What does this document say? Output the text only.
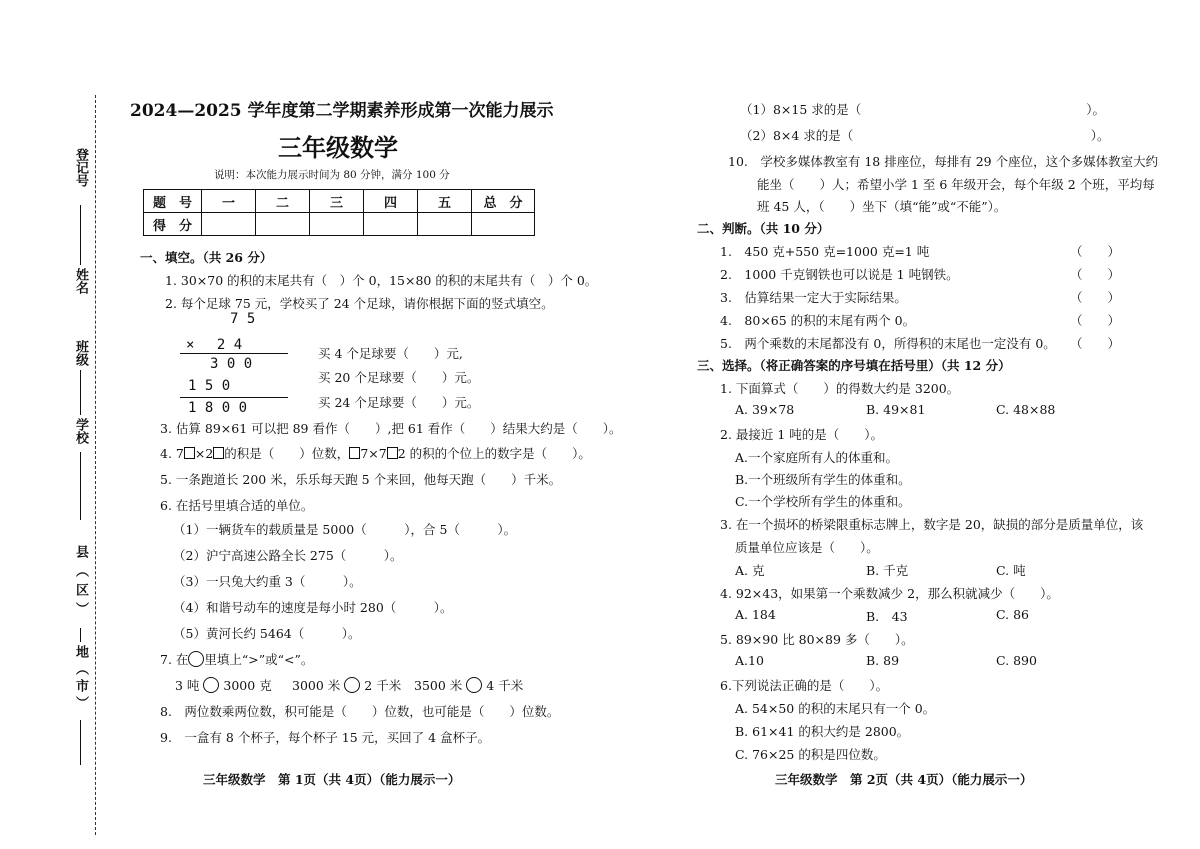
登记号
姓名
班级
学校
县（区）
地（市）
2024—2025 学年度第二学期素养形成第一次能力展示
三年级数学
说明：本次能力展示时间为 80 分钟，满分 100 分
题　号	一	二	三	四	五	总　分
得　分						
一、填空。（共 26 分）
1. 30×70 的积的末尾共有（　）个 0，15×80 的积的末尾共有（　）个 0。
2. 每个足球 75 元，学校买了 24 个足球，请你根据下面的竖式填空。
7 5
× 　2 4
3 0 0
1 5 0
1 8 0 0
买 4 个足球要（　　）元,
买 20 个足球要（　　）元。
买 24 个足球要（　　）元。
3. 估算 89×61 可以把 89 看作（　　）,把 61 看作（　　）结果大约是（　　）。
4. 7 ×2 的积是（　　）位数， 7×7 2 的积的个位上的数字是（　　）。
5. 一条跑道长 200 米，乐乐每天跑 5 个来回，他每天跑（　　）千米。
6. 在括号里填合适的单位。
（1）一辆货车的载质量是 5000（　　　），合 5（　　　）。
（2）沪宁高速公路全长 275（　　　）。
（3）一只兔大约重 3（　　　）。
（4）和谐号动车的速度是每小时 280（　　　）。
（5）黄河长约 5464（　　　）。
7. 在 里填上“>”或“<”。
3 吨 3000 克 3000 米 2 千米 3500 米 4 千米
8.　两位数乘两位数，积可能是（　　）位数，也可能是（　　）位数。
9.　一盒有 8 个杯子，每个杯子 15 元，买回了 4 盒杯子。
三年级数学　第 1页（共 4页）（能力展示一）
（1）8×15 求的是（　　　　　　　　　　　　　　　　　　）。
（2）8×4 求的是（　　　　　　　　　　　　　　　　　　　）。
10.　学校多媒体教室有 18 排座位，每排有 29 个座位，这个多媒体教室大约
能坐（　　）人；希望小学 1 至 6 年级开会，每个年级 2 个班，平均每
班 45 人，（　　）坐下（填“能”或“不能”）。
二、判断。（共 10 分）
1.　450 克+550 克=1000 克=1 吨	（　　）
2.　1000 千克钢铁也可以说是 1 吨钢铁。	（　　）
3.　估算结果一定大于实际结果。	（　　）
4.　80×65 的积的末尾有两个 0。	（　　）
5.　两个乘数的末尾都没有 0，所得积的末尾也一定没有 0。 （　　）
三、选择。（将正确答案的序号填在括号里）（共 12 分）
1. 下面算式（　　）的得数大约是 3200。
A. 39×78	B. 49×81	C. 48×88
2. 最接近 1 吨的是（　　）。
A.一个家庭所有人的体重和。
B.一个班级所有学生的体重和。
C.一个学校所有学生的体重和。
3. 在一个损坏的桥梁限重标志牌上，数字是 20，缺损的部分是质量单位，该
质量单位应该是（　　）。
A. 克	B. 千克	C. 吨
4. 92×43，如果第一个乘数减少 2，那么积就减少（　　）。
A. 184	B.　43	C. 86
5. 89×90 比 80×89 多（　　）。
A.10	B. 89	C. 890
6.下列说法正确的是（　　）。
A. 54×50 的积的末尾只有一个 0。
B. 61×41 的积大约是 2800。
C. 76×25 的积是四位数。
三年级数学　第 2页（共 4页）（能力展示一）
